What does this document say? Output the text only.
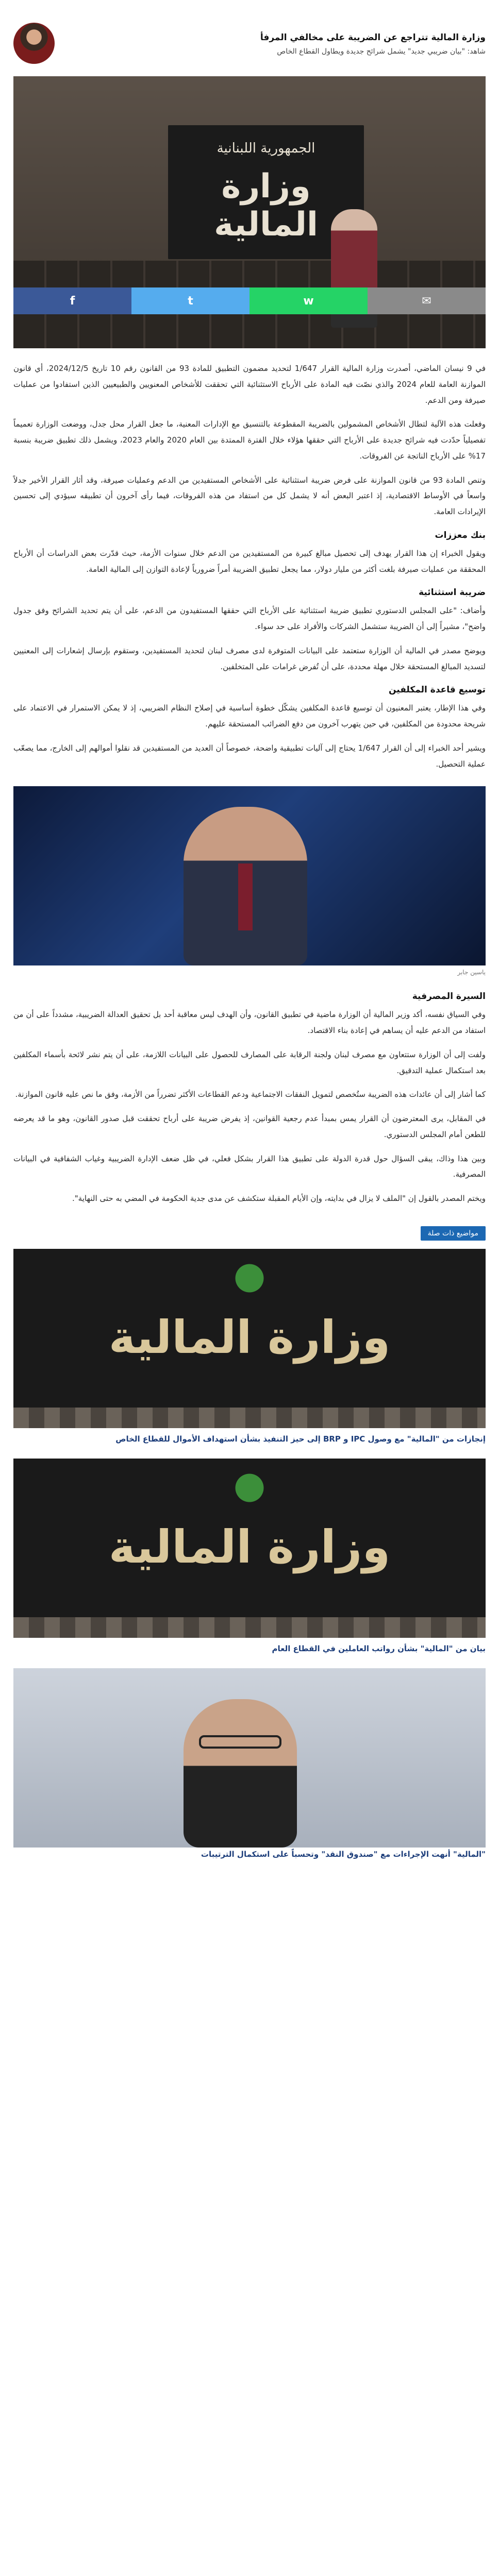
وزارة المالية تتراجع عن الضريبة على مخالفي المرفأ
شاهد: "بيان ضريبي جديد" يشمل شرائح جديدة ويطاول القطاع الخاص
الجمهورية اللبنانية
وزارة المالية
✉
w
t
f

في 9 نيسان الماضي، أصدرت وزارة المالية القرار 1/647 لتحديد مضمون التطبيق للمادة 93 من القانون رقم 10 تاريخ 2024/12/5، أي قانون الموازنة العامة للعام 2024 والذي نصّت فيه المادة على الأرباح الاستثنائية التي تحققت للأشخاص المعنويين والطبيعيين الذين استفادوا من عمليات صيرفة ومن الدعم.

وفعلت هذه الآلية لتطال الأشخاص المشمولين بالضريبة المقطوعة بالتنسيق مع الإدارات المعنية، ما جعل القرار محل جدل، ووضعت الوزارة تعميماً تفصيلياً حدّدت فيه شرائح جديدة على الأرباح التي حققها هؤلاء خلال الفترة الممتدة بين العام 2020 والعام 2023، ويشمل ذلك تطبيق ضريبة بنسبة 17% على الأرباح الناتجة عن الفروقات.

وتنص المادة 93 من قانون الموازنة على فرض ضريبة استثنائية على الأشخاص المستفيدين من الدعم وعمليات صيرفة، وقد أثار القرار الأخير جدلاً واسعاً في الأوساط الاقتصادية، إذ اعتبر البعض أنه لا يشمل كل من استفاد من هذه الفروقات، فيما رأى آخرون أن تطبيقه سيؤدي إلى تحسين الإيرادات العامة.

بنك معززات

ويقول الخبراء إن هذا القرار يهدف إلى تحصيل مبالغ كبيرة من المستفيدين من الدعم خلال سنوات الأزمة، حيث قدّرت بعض الدراسات أن الأرباح المحققة من عمليات صيرفة بلغت أكثر من مليار دولار، مما يجعل تطبيق الضريبة أمراً ضرورياً لإعادة التوازن إلى المالية العامة.

ضريبة استثنائية

وأضاف: "على المجلس الدستوري تطبيق ضريبة استثنائية على الأرباح التي حققها المستفيدون من الدعم، على أن يتم تحديد الشرائح وفق جدول واضح"، مشيراً إلى أن الضريبة ستشمل الشركات والأفراد على حد سواء.

ويوضح مصدر في المالية أن الوزارة ستعتمد على البيانات المتوفرة لدى مصرف لبنان لتحديد المستفيدين، وستقوم بإرسال إشعارات إلى المعنيين لتسديد المبالغ المستحقة خلال مهلة محددة، على أن تُفرض غرامات على المتخلفين.

توسيع قاعدة المكلفين

وفي هذا الإطار، يعتبر المعنيون أن توسيع قاعدة المكلفين يشكّل خطوة أساسية في إصلاح النظام الضريبي، إذ لا يمكن الاستمرار في الاعتماد على شريحة محدودة من المكلفين، في حين يتهرب آخرون من دفع الضرائب المستحقة عليهم.

ويشير أحد الخبراء إلى أن القرار 1/647 يحتاج إلى آليات تطبيقية واضحة، خصوصاً أن العديد من المستفيدين قد نقلوا أموالهم إلى الخارج، مما يصعّب عملية التحصيل.

ياسين جابر
السيرة المصرفية

وفي السياق نفسه، أكد وزير المالية أن الوزارة ماضية في تطبيق القانون، وأن الهدف ليس معاقبة أحد بل تحقيق العدالة الضريبية، مشدداً على أن من استفاد من الدعم عليه أن يساهم في إعادة بناء الاقتصاد.

ولفت إلى أن الوزارة ستتعاون مع مصرف لبنان ولجنة الرقابة على المصارف للحصول على البيانات اللازمة، على أن يتم نشر لائحة بأسماء المكلفين بعد استكمال عملية التدقيق.

كما أشار إلى أن عائدات هذه الضريبة ستُخصص لتمويل النفقات الاجتماعية ودعم القطاعات الأكثر تضرراً من الأزمة، وفق ما نص عليه قانون الموازنة.

في المقابل، يرى المعترضون أن القرار يمس بمبدأ عدم رجعية القوانين، إذ يفرض ضريبة على أرباح تحققت قبل صدور القانون، وهو ما قد يعرضه للطعن أمام المجلس الدستوري.

وبين هذا وذاك، يبقى السؤال حول قدرة الدولة على تطبيق هذا القرار بشكل فعلي، في ظل ضعف الإدارة الضريبية وغياب الشفافية في البيانات المصرفية.

ويختم المصدر بالقول إن "الملف لا يزال في بدايته، وإن الأيام المقبلة ستكشف عن مدى جدية الحكومة في المضي به حتى النهاية".

مواضيع ذات صلة
وزارة المالية
إنجازات من "المالية" مع وصول IPC و BRP إلى حيز التنفيذ بشأن استهداف الأموال للقطاع الخاص
وزارة المالية
بيان من "المالية" بشأن رواتب العاملين في القطاع العام
"المالية" أنهت الإجراءات مع "صندوق النقد" وتحسباً على استكمال الترتيبات
